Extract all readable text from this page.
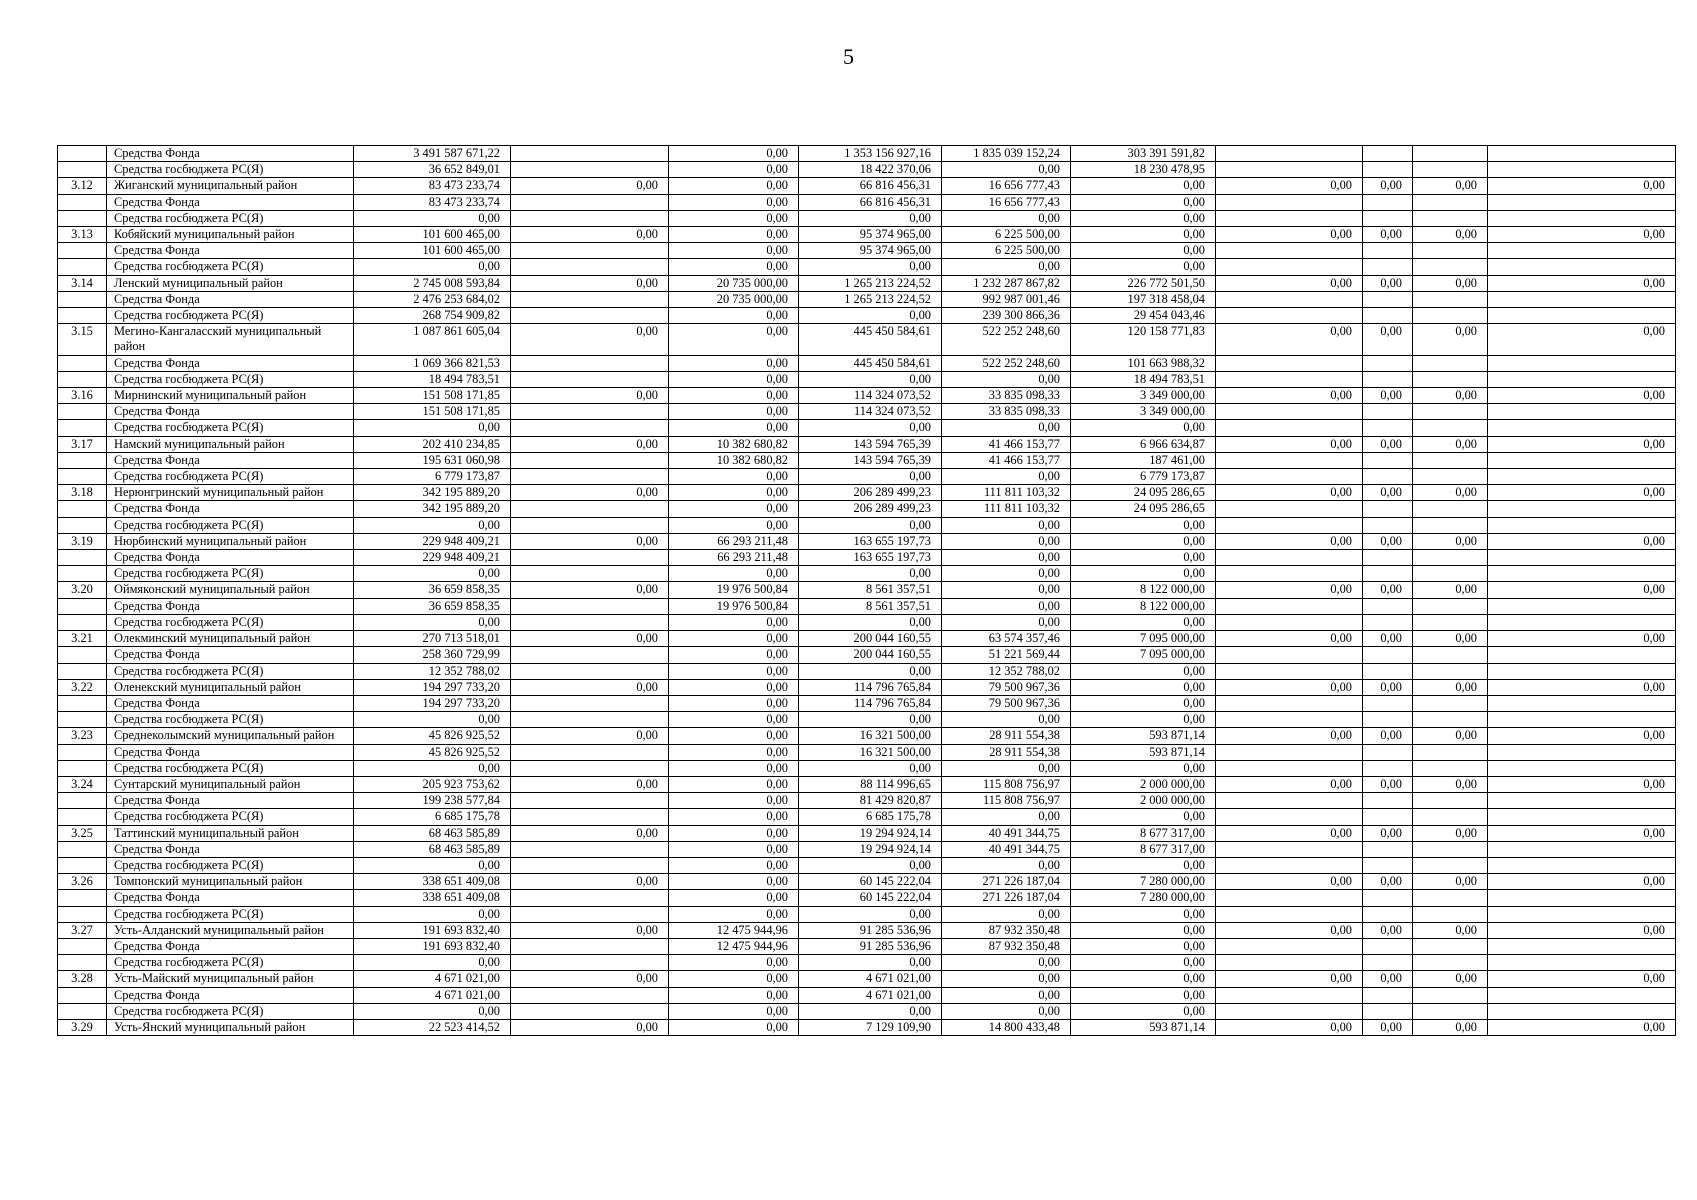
5
	Средства Фонда	3 491 587 671,22		0,00	1 353 156 927,16	1 835 039 152,24	303 391 591,82				
	Средства госбюджета РС(Я)	36 652 849,01		0,00	18 422 370,06	0,00	18 230 478,95				
3.12	Жиганский муниципальный район	83 473 233,74	0,00	0,00	66 816 456,31	16 656 777,43	0,00	0,00	0,00	0,00	0,00
	Средства Фонда	83 473 233,74		0,00	66 816 456,31	16 656 777,43	0,00				
	Средства госбюджета РС(Я)	0,00		0,00	0,00	0,00	0,00				
3.13	Кобяйский муниципальный район	101 600 465,00	0,00	0,00	95 374 965,00	6 225 500,00	0,00	0,00	0,00	0,00	0,00
	Средства Фонда	101 600 465,00		0,00	95 374 965,00	6 225 500,00	0,00				
	Средства госбюджета РС(Я)	0,00		0,00	0,00	0,00	0,00				
3.14	Ленский муниципальный район	2 745 008 593,84	0,00	20 735 000,00	1 265 213 224,52	1 232 287 867,82	226 772 501,50	0,00	0,00	0,00	0,00
	Средства Фонда	2 476 253 684,02		20 735 000,00	1 265 213 224,52	992 987 001,46	197 318 458,04				
	Средства госбюджета РС(Я)	268 754 909,82		0,00	0,00	239 300 866,36	29 454 043,46				
3.15	Мегино-Кангаласский муниципальный район	1 087 861 605,04	0,00	0,00	445 450 584,61	522 252 248,60	120 158 771,83	0,00	0,00	0,00	0,00
	Средства Фонда	1 069 366 821,53		0,00	445 450 584,61	522 252 248,60	101 663 988,32				
	Средства госбюджета РС(Я)	18 494 783,51		0,00	0,00	0,00	18 494 783,51				
3.16	Мирнинский муниципальный район	151 508 171,85	0,00	0,00	114 324 073,52	33 835 098,33	3 349 000,00	0,00	0,00	0,00	0,00
	Средства Фонда	151 508 171,85		0,00	114 324 073,52	33 835 098,33	3 349 000,00				
	Средства госбюджета РС(Я)	0,00		0,00	0,00	0,00	0,00				
3.17	Намский муниципальный район	202 410 234,85	0,00	10 382 680,82	143 594 765,39	41 466 153,77	6 966 634,87	0,00	0,00	0,00	0,00
	Средства Фонда	195 631 060,98		10 382 680,82	143 594 765,39	41 466 153,77	187 461,00				
	Средства госбюджета РС(Я)	6 779 173,87		0,00	0,00	0,00	6 779 173,87				
3.18	Нерюнгринский муниципальный район	342 195 889,20	0,00	0,00	206 289 499,23	111 811 103,32	24 095 286,65	0,00	0,00	0,00	0,00
	Средства Фонда	342 195 889,20		0,00	206 289 499,23	111 811 103,32	24 095 286,65				
	Средства госбюджета РС(Я)	0,00		0,00	0,00	0,00	0,00				
3.19	Нюрбинский муниципальный район	229 948 409,21	0,00	66 293 211,48	163 655 197,73	0,00	0,00	0,00	0,00	0,00	0,00
	Средства Фонда	229 948 409,21		66 293 211,48	163 655 197,73	0,00	0,00				
	Средства госбюджета РС(Я)	0,00		0,00	0,00	0,00	0,00				
3.20	Оймяконский муниципальный район	36 659 858,35	0,00	19 976 500,84	8 561 357,51	0,00	8 122 000,00	0,00	0,00	0,00	0,00
	Средства Фонда	36 659 858,35		19 976 500,84	8 561 357,51	0,00	8 122 000,00				
	Средства госбюджета РС(Я)	0,00		0,00	0,00	0,00	0,00				
3.21	Олекминский муниципальный район	270 713 518,01	0,00	0,00	200 044 160,55	63 574 357,46	7 095 000,00	0,00	0,00	0,00	0,00
	Средства Фонда	258 360 729,99		0,00	200 044 160,55	51 221 569,44	7 095 000,00				
	Средства госбюджета РС(Я)	12 352 788,02		0,00	0,00	12 352 788,02	0,00				
3.22	Оленекский муниципальный район	194 297 733,20	0,00	0,00	114 796 765,84	79 500 967,36	0,00	0,00	0,00	0,00	0,00
	Средства Фонда	194 297 733,20		0,00	114 796 765,84	79 500 967,36	0,00				
	Средства госбюджета РС(Я)	0,00		0,00	0,00	0,00	0,00				
3.23	Среднеколымский муниципальный район	45 826 925,52	0,00	0,00	16 321 500,00	28 911 554,38	593 871,14	0,00	0,00	0,00	0,00
	Средства Фонда	45 826 925,52		0,00	16 321 500,00	28 911 554,38	593 871,14				
	Средства госбюджета РС(Я)	0,00		0,00	0,00	0,00	0,00				
3.24	Сунтарский муниципальный район	205 923 753,62	0,00	0,00	88 114 996,65	115 808 756,97	2 000 000,00	0,00	0,00	0,00	0,00
	Средства Фонда	199 238 577,84		0,00	81 429 820,87	115 808 756,97	2 000 000,00				
	Средства госбюджета РС(Я)	6 685 175,78		0,00	6 685 175,78	0,00	0,00				
3.25	Таттинский муниципальный район	68 463 585,89	0,00	0,00	19 294 924,14	40 491 344,75	8 677 317,00	0,00	0,00	0,00	0,00
	Средства Фонда	68 463 585,89		0,00	19 294 924,14	40 491 344,75	8 677 317,00				
	Средства госбюджета РС(Я)	0,00		0,00	0,00	0,00	0,00				
3.26	Томпонский муниципальный район	338 651 409,08	0,00	0,00	60 145 222,04	271 226 187,04	7 280 000,00	0,00	0,00	0,00	0,00
	Средства Фонда	338 651 409,08		0,00	60 145 222,04	271 226 187,04	7 280 000,00				
	Средства госбюджета РС(Я)	0,00		0,00	0,00	0,00	0,00				
3.27	Усть-Алданский муниципальный район	191 693 832,40	0,00	12 475 944,96	91 285 536,96	87 932 350,48	0,00	0,00	0,00	0,00	0,00
	Средства Фонда	191 693 832,40		12 475 944,96	91 285 536,96	87 932 350,48	0,00				
	Средства госбюджета РС(Я)	0,00		0,00	0,00	0,00	0,00				
3.28	Усть-Майский муниципальный район	4 671 021,00	0,00	0,00	4 671 021,00	0,00	0,00	0,00	0,00	0,00	0,00
	Средства Фонда	4 671 021,00		0,00	4 671 021,00	0,00	0,00				
	Средства госбюджета РС(Я)	0,00		0,00	0,00	0,00	0,00				
3.29	Усть-Янский муниципальный район	22 523 414,52	0,00	0,00	7 129 109,90	14 800 433,48	593 871,14	0,00	0,00	0,00	0,00
